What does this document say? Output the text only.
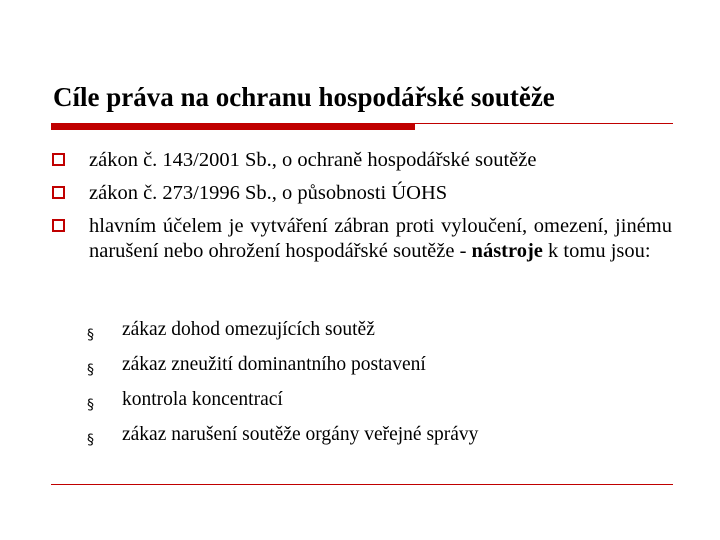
Cíle práva na ochranu hospodářské soutěže
zákon č. 143/2001 Sb., o ochraně hospodářské soutěže
zákon č. 273/1996 Sb., o působnosti ÚOHS
hlavním účelem je vytváření zábran proti vyloučení, omezení, jinému narušení nebo ohrožení hospodářské soutěže - nástroje k tomu jsou:
§ zákaz dohod omezujících soutěž
§ zákaz zneužití dominantního postavení
§ kontrola koncentrací
§ zákaz narušení soutěže orgány veřejné správy
